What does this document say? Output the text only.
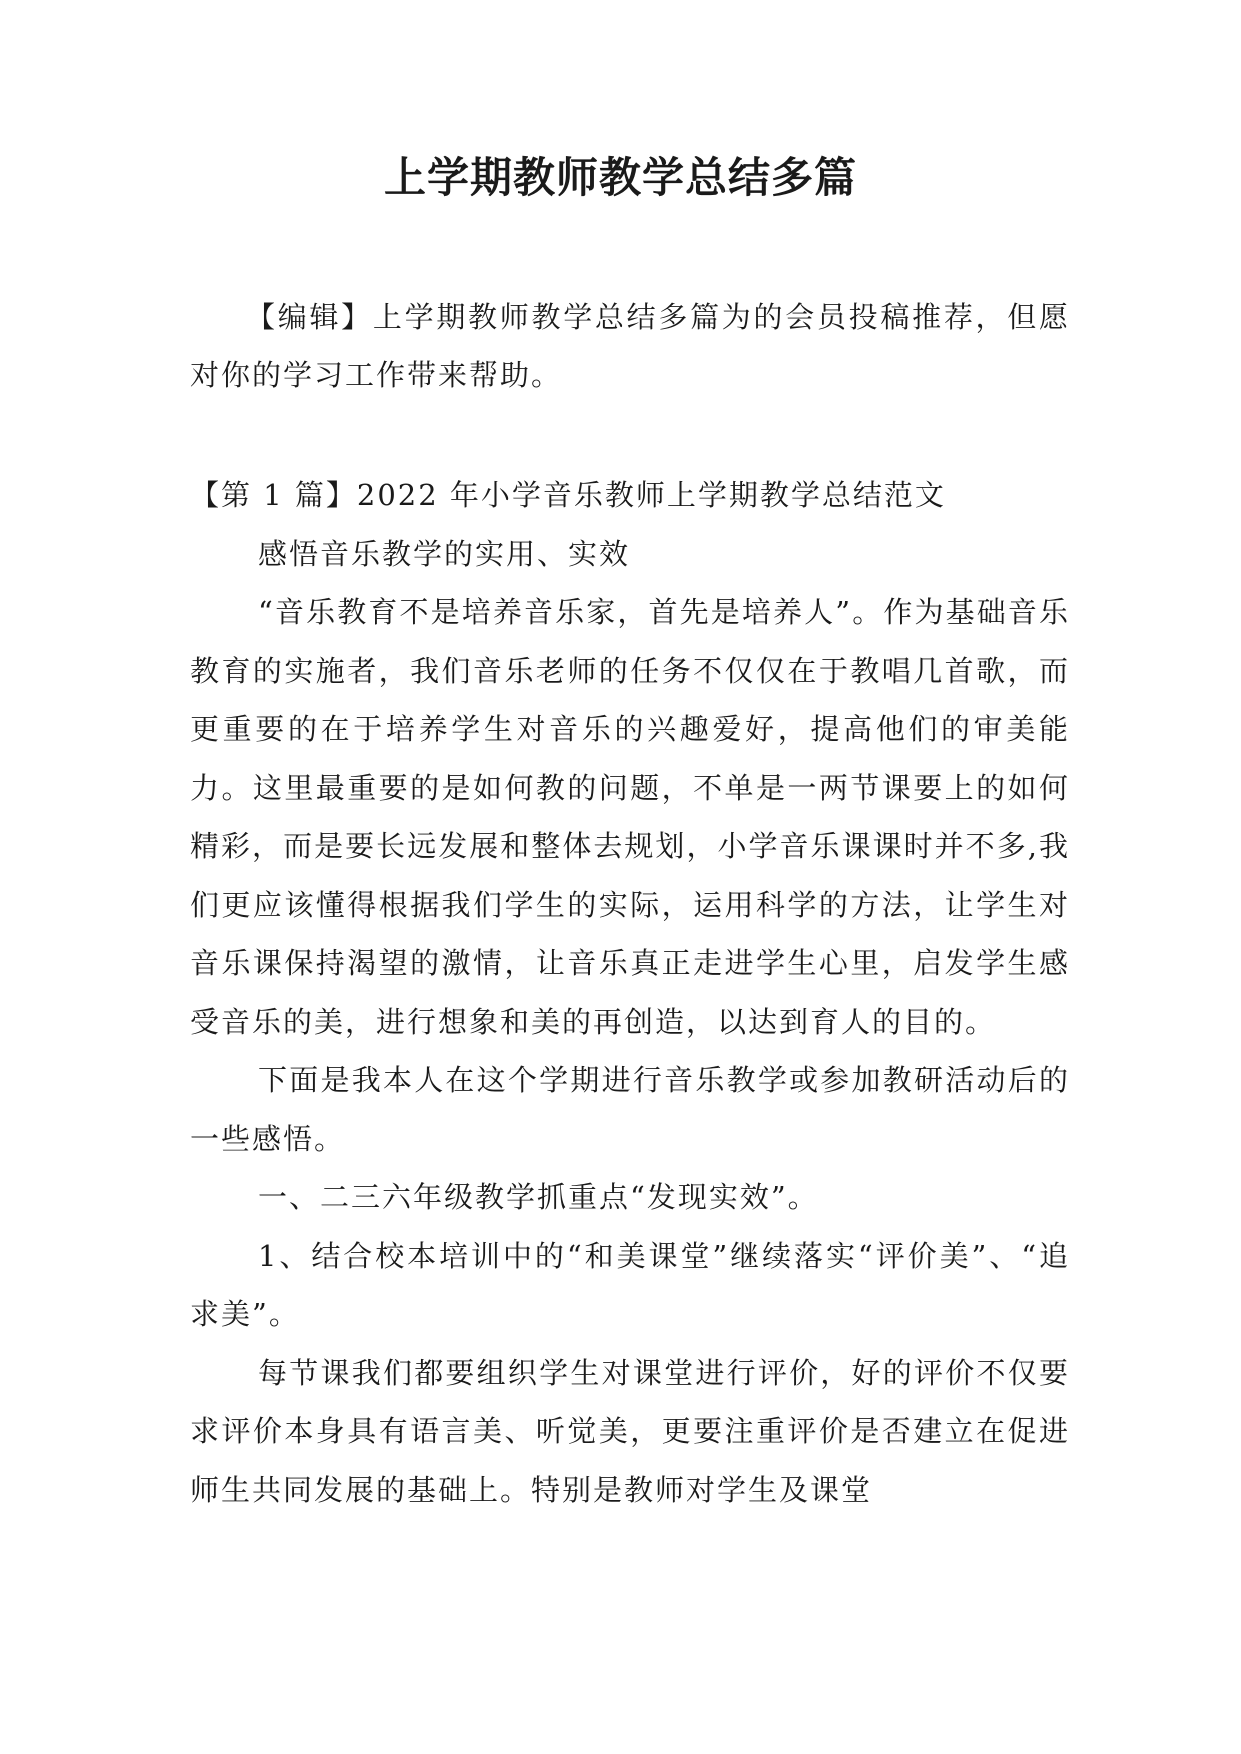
上学期教师教学总结多篇
【编辑】上学期教师教学总结多篇为的会员投稿推荐，但愿对你的学习工作带来帮助。

【第 1 篇】2022 年小学音乐教师上学期教学总结范文

感悟音乐教学的实用、实效

“音乐教育不是培养音乐家，首先是培养人”。作为基础音乐教育的实施者，我们音乐老师的任务不仅仅在于教唱几首歌，而更重要的在于培养学生对音乐的兴趣爱好，提高他们的审美能力。这里最重要的是如何教的问题，不单是一两节课要上的如何精彩，而是要长远发展和整体去规划，小学音乐课课时并不多,我们更应该懂得根据我们学生的实际，运用科学的方法，让学生对音乐课保持渴望的激情，让音乐真正走进学生心里，启发学生感受音乐的美，进行想象和美的再创造，以达到育人的目的。

下面是我本人在这个学期进行音乐教学或参加教研活动后的一些感悟。

一、二三六年级教学抓重点“发现实效”。

1、结合校本培训中的“和美课堂”继续落实“评价美”、“追求美”。

每节课我们都要组织学生对课堂进行评价，好的评价不仅要求评价本身具有语言美、听觉美，更要注重评价是否建立在促进师生共同发展的基础上。特别是教师对学生及课堂
